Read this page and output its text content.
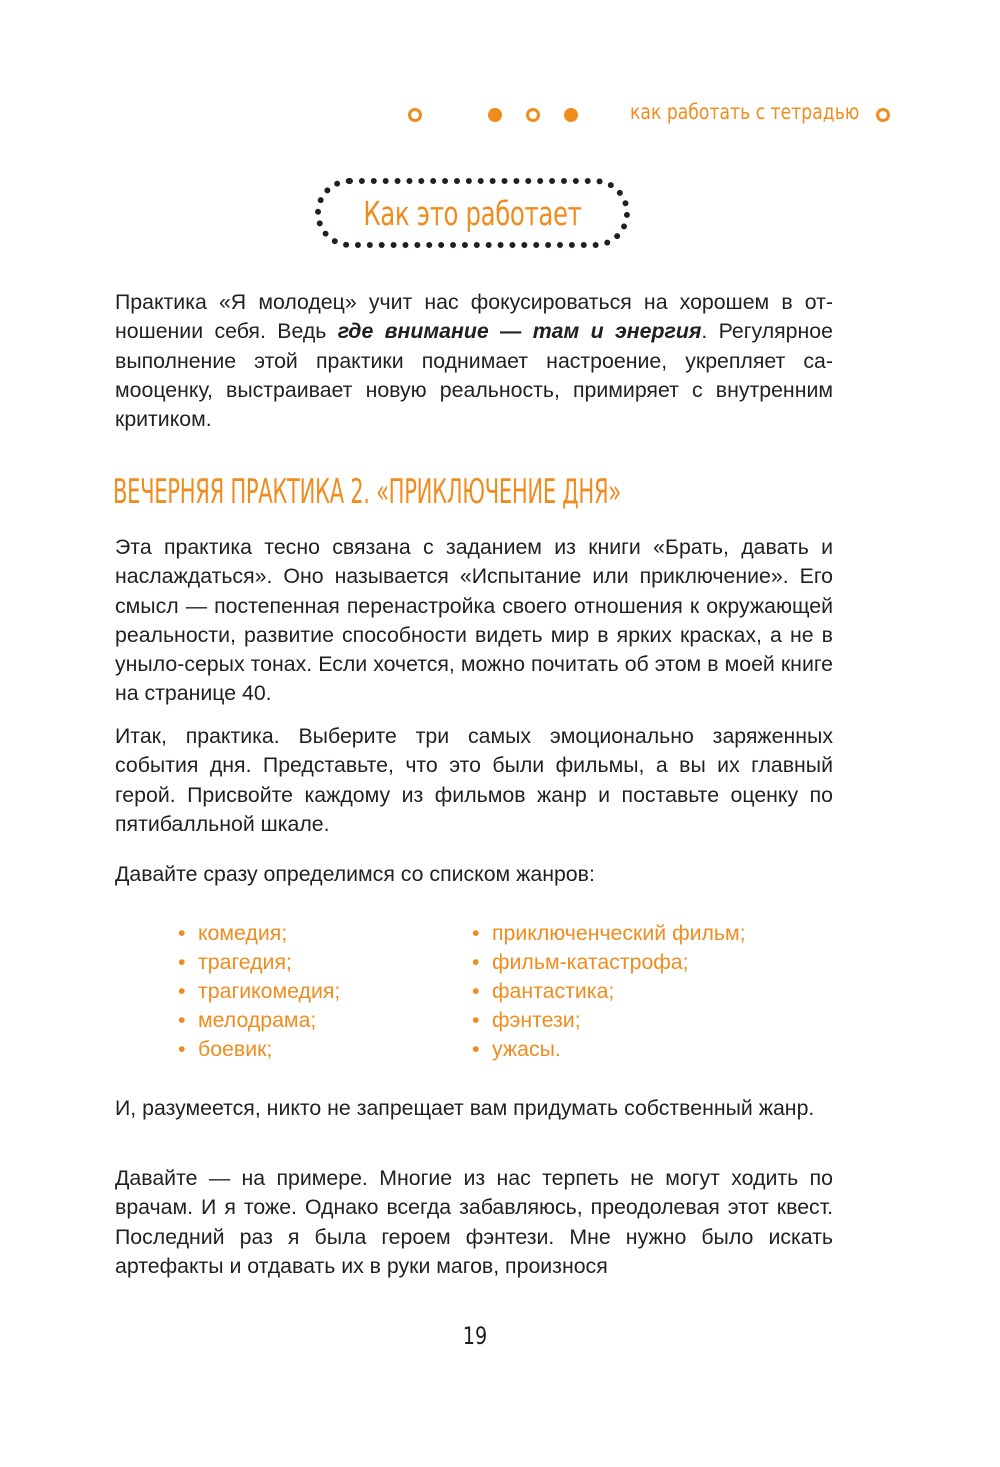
как работать с тетрадью
Как это работает

Практика «Я молодец» учит нас фокусироваться на хорошем в отношении себя. Ведь где внимание — там и энергия. Регулярное выполнение этой практики поднимает настроение, укрепляет самооценку, выстраивает новую реальность, примиряет с внутренним критиком.

ВЕЧЕРНЯЯ ПРАКТИКА 2. «ПРИКЛЮЧЕНИЕ ДНЯ»

Эта практика тесно связана с заданием из книги «Брать, давать и наслаждаться». Оно называется «Испытание или приключение». Его смысл — постепенная перенастройка своего отношения к окружающей реальности, развитие способности видеть мир в ярких красках, а не в уныло-серых тонах. Если хочется, можно почитать об этом в моей книге на странице 40.

Итак, практика. Выберите три самых эмоционально заряженных события дня. Представьте, что это были фильмы, а вы их главный герой. Присвойте каждому из фильмов жанр и поставьте оценку по пятибалльной шкале.

Давайте сразу определимся со списком жанров:

• комедия;
• трагедия;
• трагикомедия;
• мелодрама;
• боевик;
• приключенческий фильм;
• фильм-катастрофа;
• фантастика;
• фэнтези;
• ужасы.

И, разумеется, никто не запрещает вам придумать собственный жанр.

Давайте — на примере. Многие из нас терпеть не могут ходить по врачам. И я тоже. Однако всегда забавляюсь, преодолевая этот квест. Последний раз я была героем фэнтези. Мне нужно было искать артефакты и отдавать их в руки магов, произнося

19
